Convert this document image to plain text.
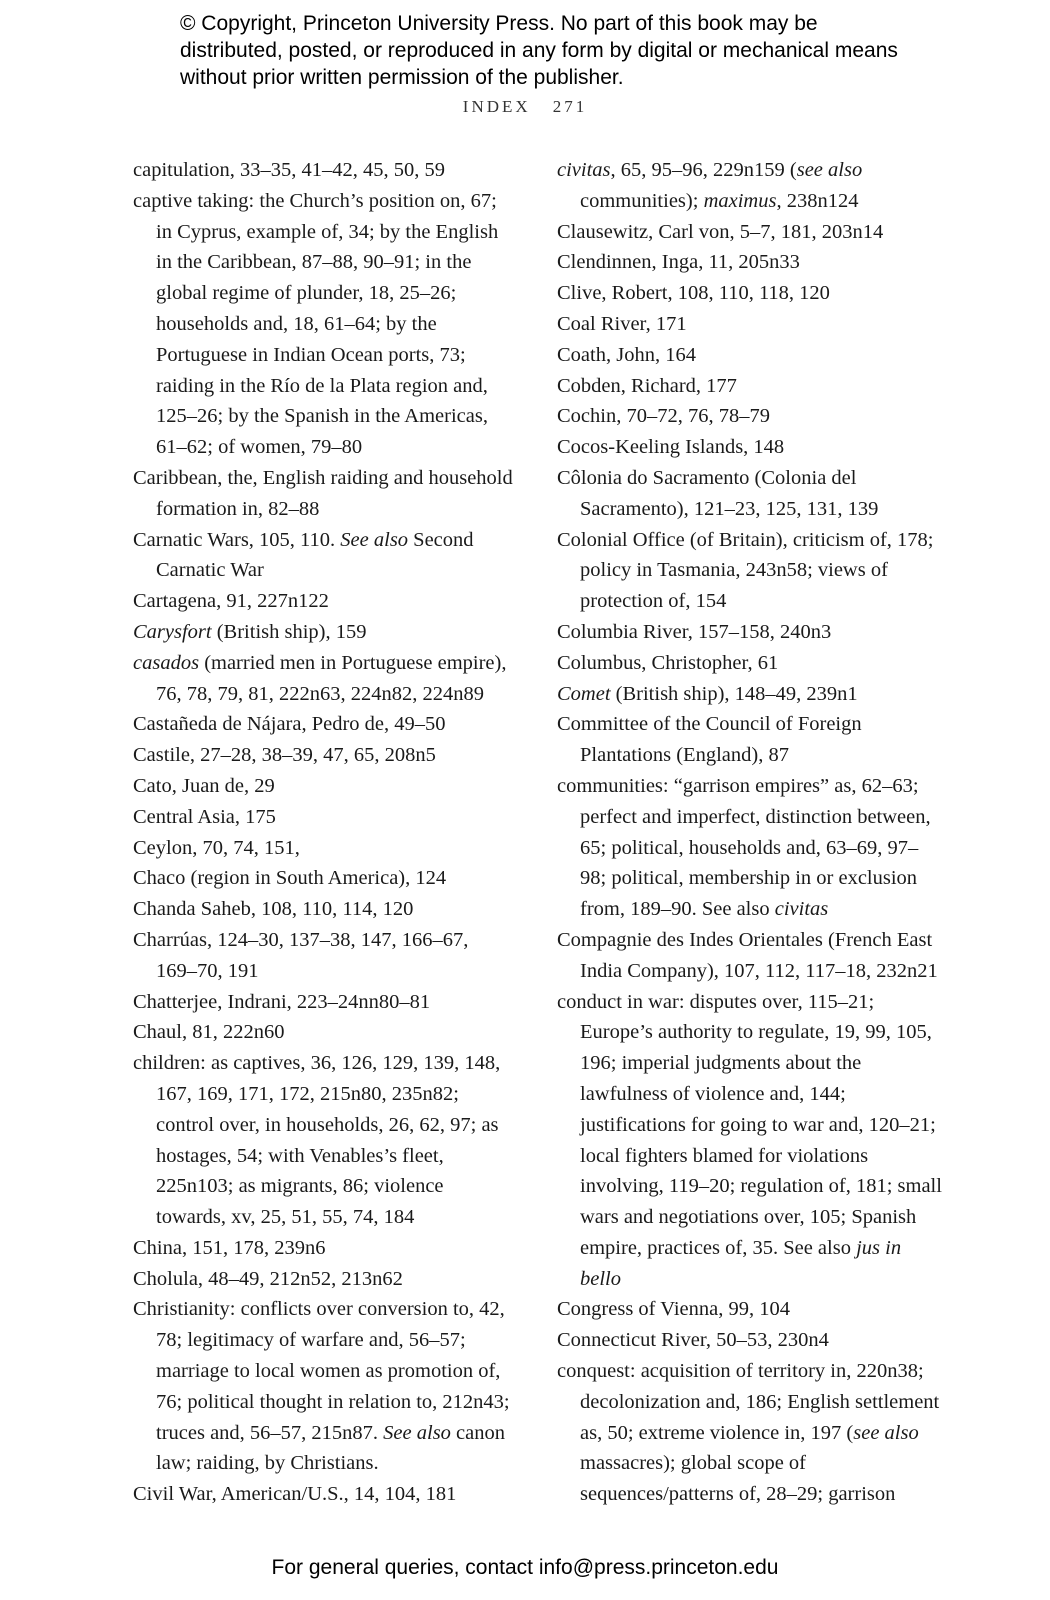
© Copyright, Princeton University Press. No part of this book may be distributed, posted, or reproduced in any form by digital or mechanical means without prior written permission of the publisher.
INDEX 271
capitulation, 33–35, 41–42, 45, 50, 59
captive taking: the Church’s position on, 67; in Cyprus, example of, 34; by the English in the Caribbean, 87–88, 90–91; in the global regime of plunder, 18, 25–26; households and, 18, 61–64; by the Portuguese in Indian Ocean ports, 73; raiding in the Río de la Plata region and, 125–26; by the Spanish in the Americas, 61–62; of women, 79–80
Caribbean, the, English raiding and household formation in, 82–88
Carnatic Wars, 105, 110. See also Second Carnatic War
Cartagena, 91, 227n122
Carysfort (British ship), 159
casados (married men in Portuguese empire), 76, 78, 79, 81, 222n63, 224n82, 224n89
Castañeda de Nájara, Pedro de, 49–50
Castile, 27–28, 38–39, 47, 65, 208n5
Cato, Juan de, 29
Central Asia, 175
Ceylon, 70, 74, 151,
Chaco (region in South America), 124
Chanda Saheb, 108, 110, 114, 120
Charrúas, 124–30, 137–38, 147, 166–67, 169–70, 191
Chatterjee, Indrani, 223–24nn80–81
Chaul, 81, 222n60
children: as captives, 36, 126, 129, 139, 148, 167, 169, 171, 172, 215n80, 235n82; control over, in households, 26, 62, 97; as hostages, 54; with Venables’s fleet, 225n103; as migrants, 86; violence towards, xv, 25, 51, 55, 74, 184
China, 151, 178, 239n6
Cholula, 48–49, 212n52, 213n62
Christianity: conflicts over conversion to, 42, 78; legitimacy of warfare and, 56–57; marriage to local women as promotion of, 76; political thought in relation to, 212n43; truces and, 56–57, 215n87. See also canon law; raiding, by Christians.
Civil War, American/U.S., 14, 104, 181
civitas, 65, 95–96, 229n159 (see also communities); maximus, 238n124
Clausewitz, Carl von, 5–7, 181, 203n14
Clendinnen, Inga, 11, 205n33
Clive, Robert, 108, 110, 118, 120
Coal River, 171
Coath, John, 164
Cobden, Richard, 177
Cochin, 70–72, 76, 78–79
Cocos-Keeling Islands, 148
Côlonia do Sacramento (Colonia del Sacramento), 121–23, 125, 131, 139
Colonial Office (of Britain), criticism of, 178; policy in Tasmania, 243n58; views of protection of, 154
Columbia River, 157–158, 240n3
Columbus, Christopher, 61
Comet (British ship), 148–49, 239n1
Committee of the Council of Foreign Plantations (England), 87
communities: “garrison empires” as, 62–63; perfect and imperfect, distinction between, 65; political, households and, 63–69, 97–98; political, membership in or exclusion from, 189–90. See also civitas
Compagnie des Indes Orientales (French East India Company), 107, 112, 117–18, 232n21
conduct in war: disputes over, 115–21; Europe’s authority to regulate, 19, 99, 105, 196; imperial judgments about the lawfulness of violence and, 144; justifications for going to war and, 120–21; local fighters blamed for violations involving, 119–20; regulation of, 181; small wars and negotiations over, 105; Spanish empire, practices of, 35. See also jus in bello
Congress of Vienna, 99, 104
Connecticut River, 50–53, 230n4
conquest: acquisition of territory in, 220n38; decolonization and, 186; English settlement as, 50; extreme violence in, 197 (see also massacres); global scope of sequences/patterns of, 28–29; garrison
For general queries, contact info@press.princeton.edu
